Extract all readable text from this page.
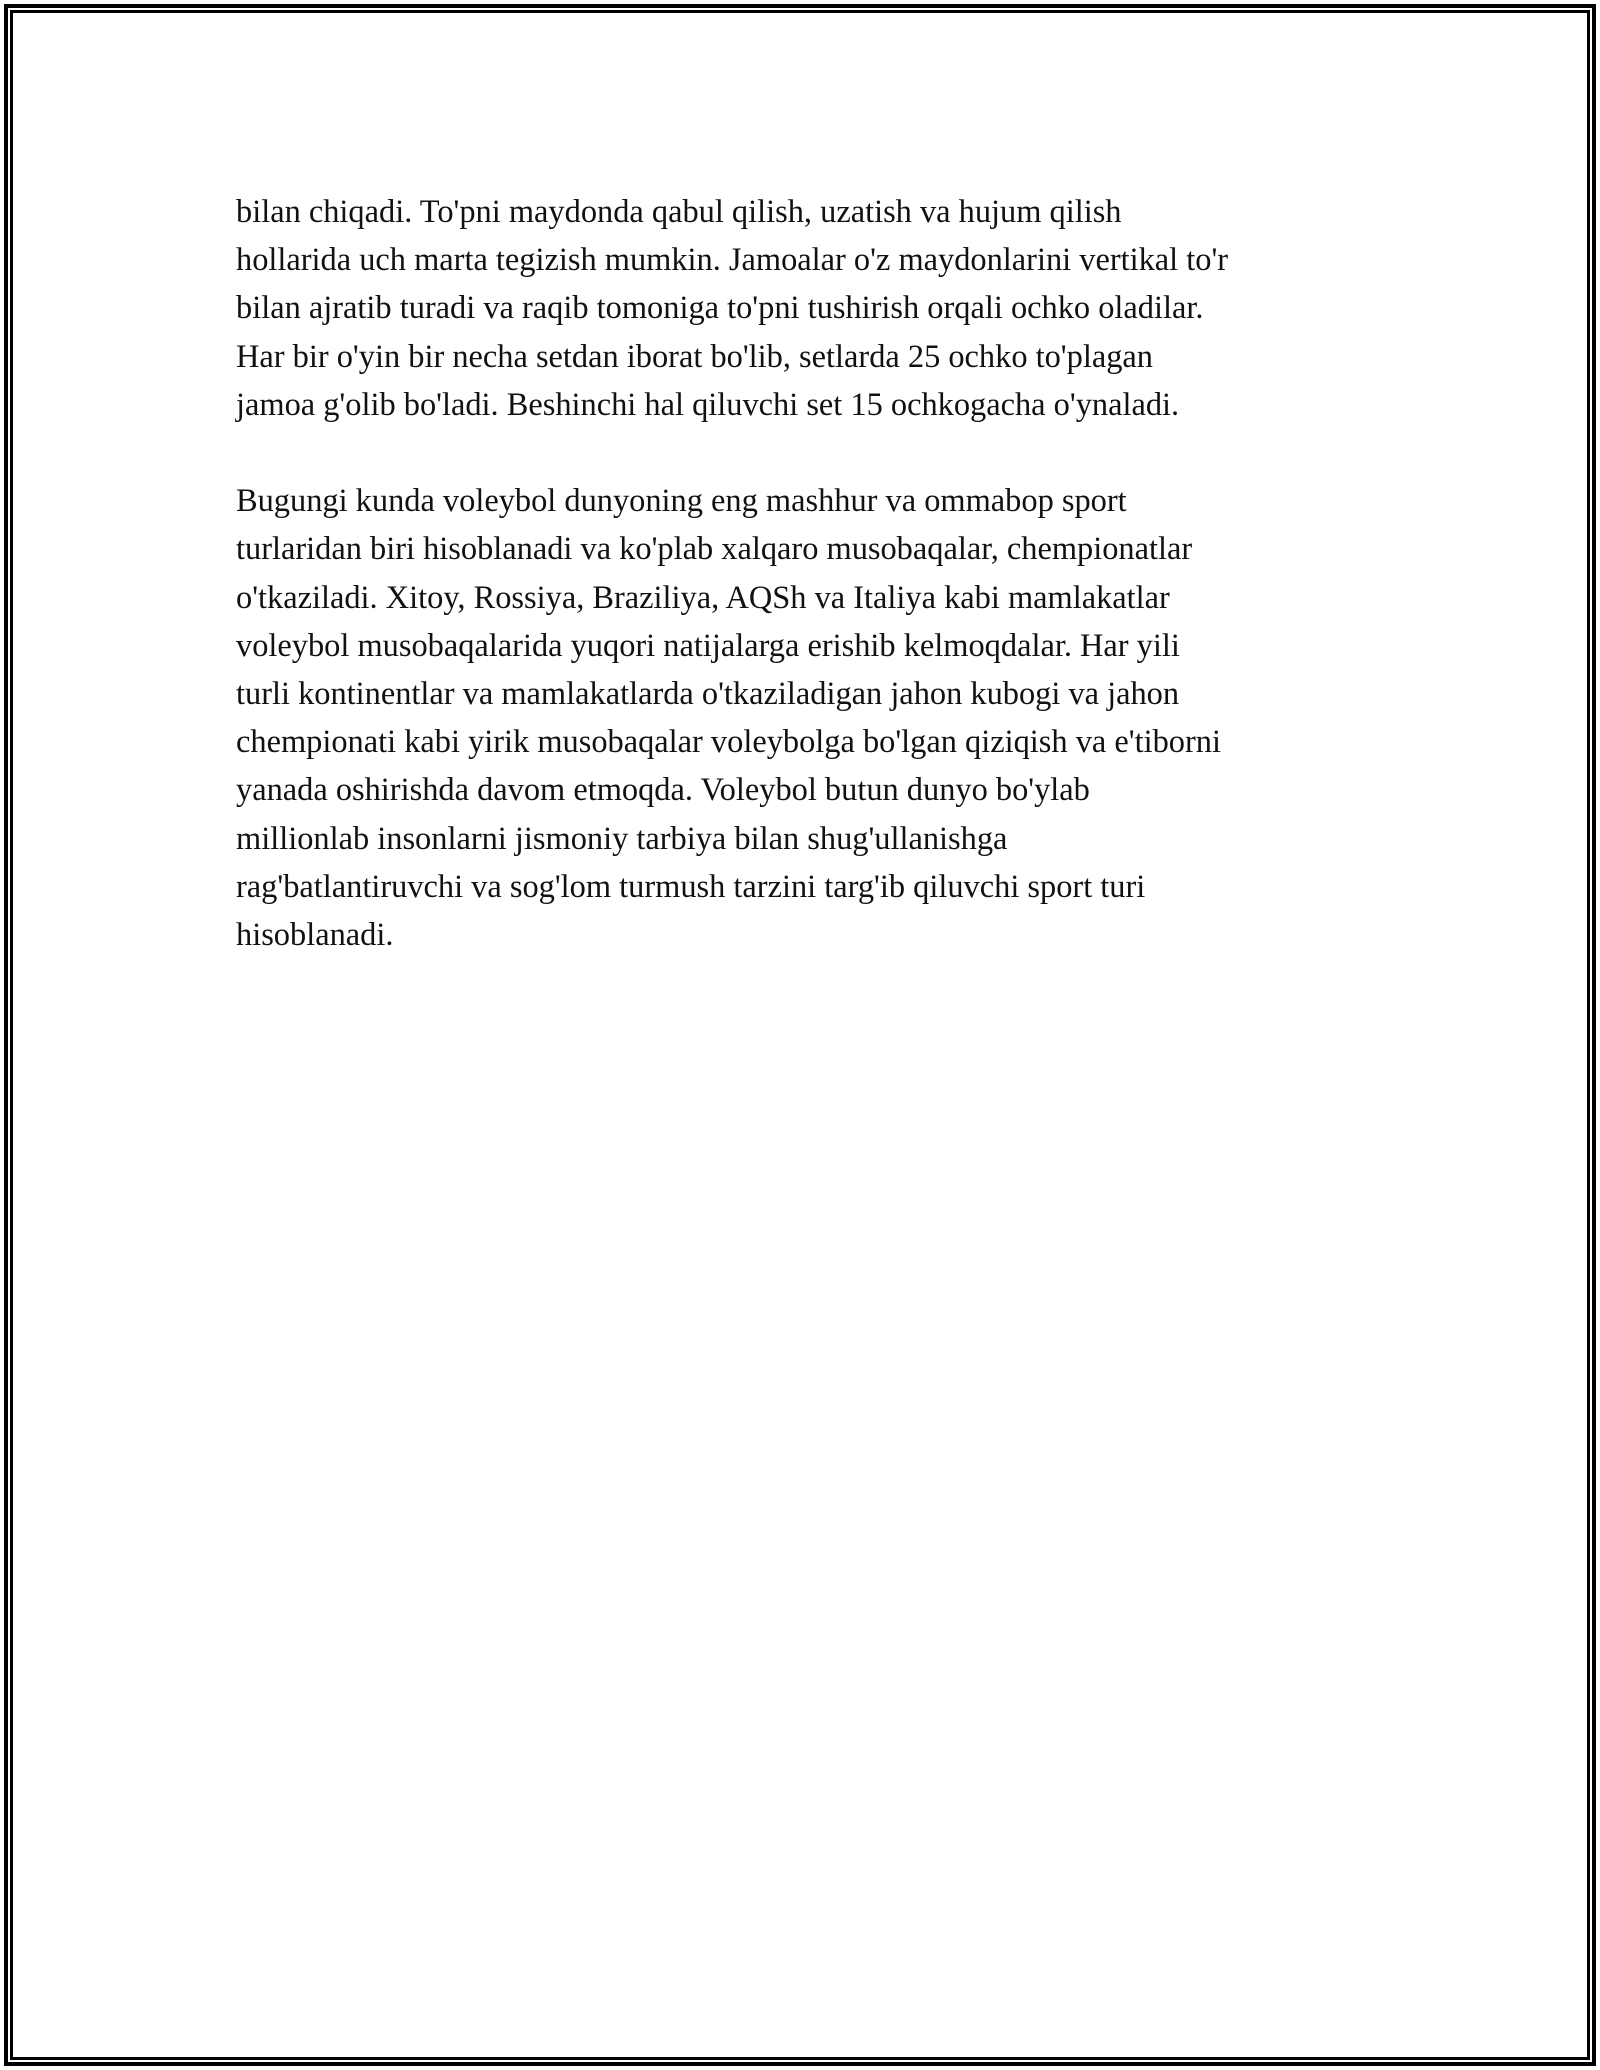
bilan chiqadi. To'pni maydonda qabul qilish, uzatish va hujum qilish
hollarida uch marta tegizish mumkin. Jamoalar o'z maydonlarini vertikal to'r
bilan ajratib turadi va raqib tomoniga to'pni tushirish orqali ochko oladilar.
Har bir o'yin bir necha setdan iborat bo'lib, setlarda 25 ochko to'plagan
jamoa g'olib bo'ladi. Beshinchi hal qiluvchi set 15 ochkogacha o'ynaladi.

Bugungi kunda voleybol dunyoning eng mashhur va ommabop sport
turlaridan biri hisoblanadi va ko'plab xalqaro musobaqalar, chempionatlar
o'tkaziladi. Xitoy, Rossiya, Braziliya, AQSh va Italiya kabi mamlakatlar
voleybol musobaqalarida yuqori natijalarga erishib kelmoqdalar. Har yili
turli kontinentlar va mamlakatlarda o'tkaziladigan jahon kubogi va jahon
chempionati kabi yirik musobaqalar voleybolga bo'lgan qiziqish va e'tiborni
yanada oshirishda davom etmoqda. Voleybol butun dunyo bo'ylab
millionlab insonlarni jismoniy tarbiya bilan shug'ullanishga
rag'batlantiruvchi va sog'lom turmush tarzini targ'ib qiluvchi sport turi
hisoblanadi.
